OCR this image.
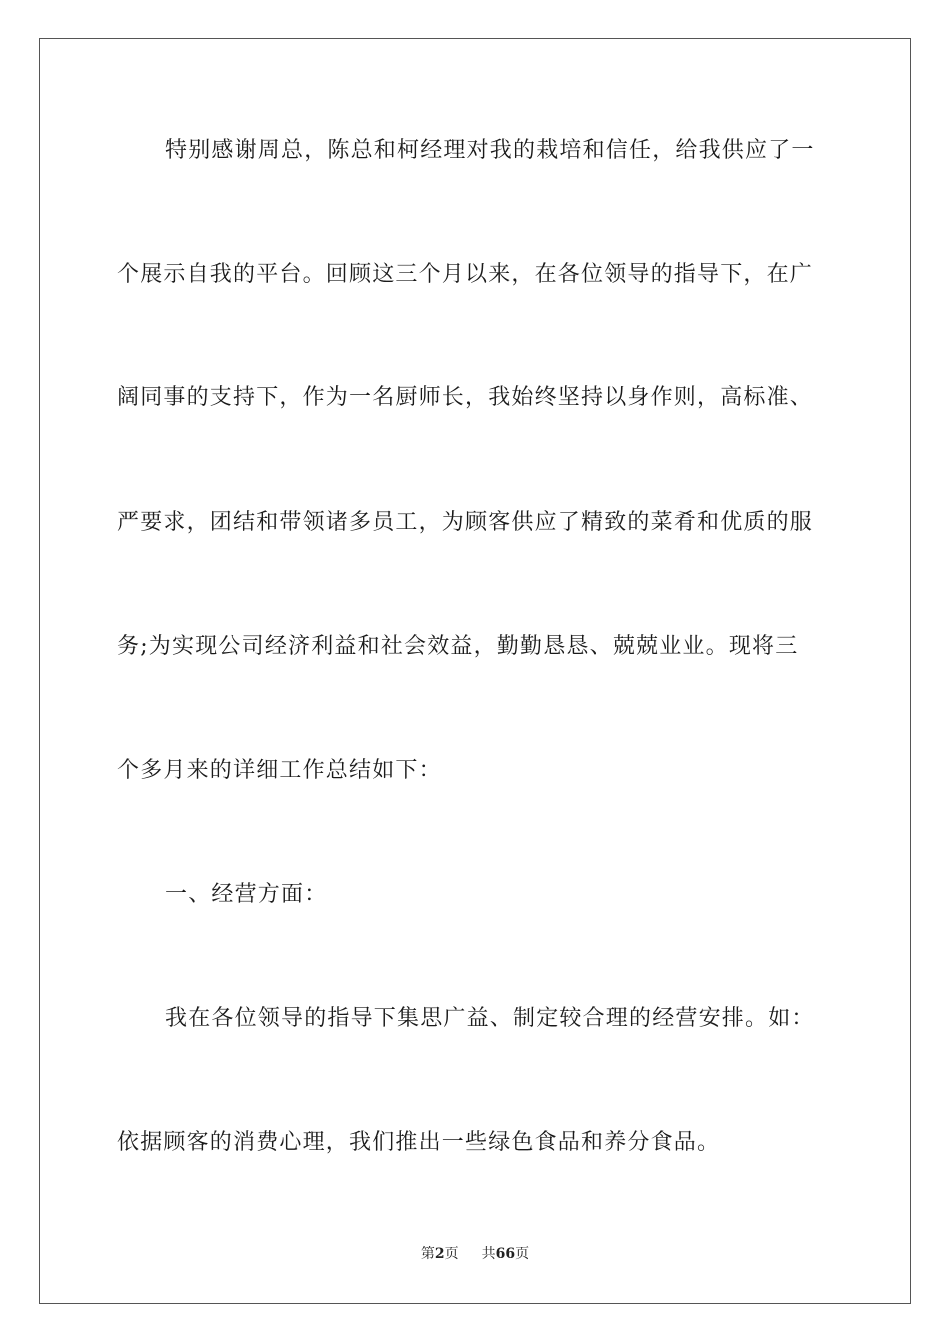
特别感谢周总，陈总和柯经理对我的栽培和信任，给我供应了一
个展示自我的平台。回顾这三个月以来，在各位领导的指导下，在广
阔同事的支持下，作为一名厨师长，我始终坚持以身作则，高标准、
严要求，团结和带领诸多员工，为顾客供应了精致的菜肴和优质的服
务;为实现公司经济利益和社会效益，勤勤恳恳、兢兢业业。现将三
个多月来的详细工作总结如下：
一、经营方面：
我在各位领导的指导下集思广益、制定较合理的经营安排。如：
依据顾客的消费心理，我们推出一些绿色食品和养分食品。
第2页 共66页
